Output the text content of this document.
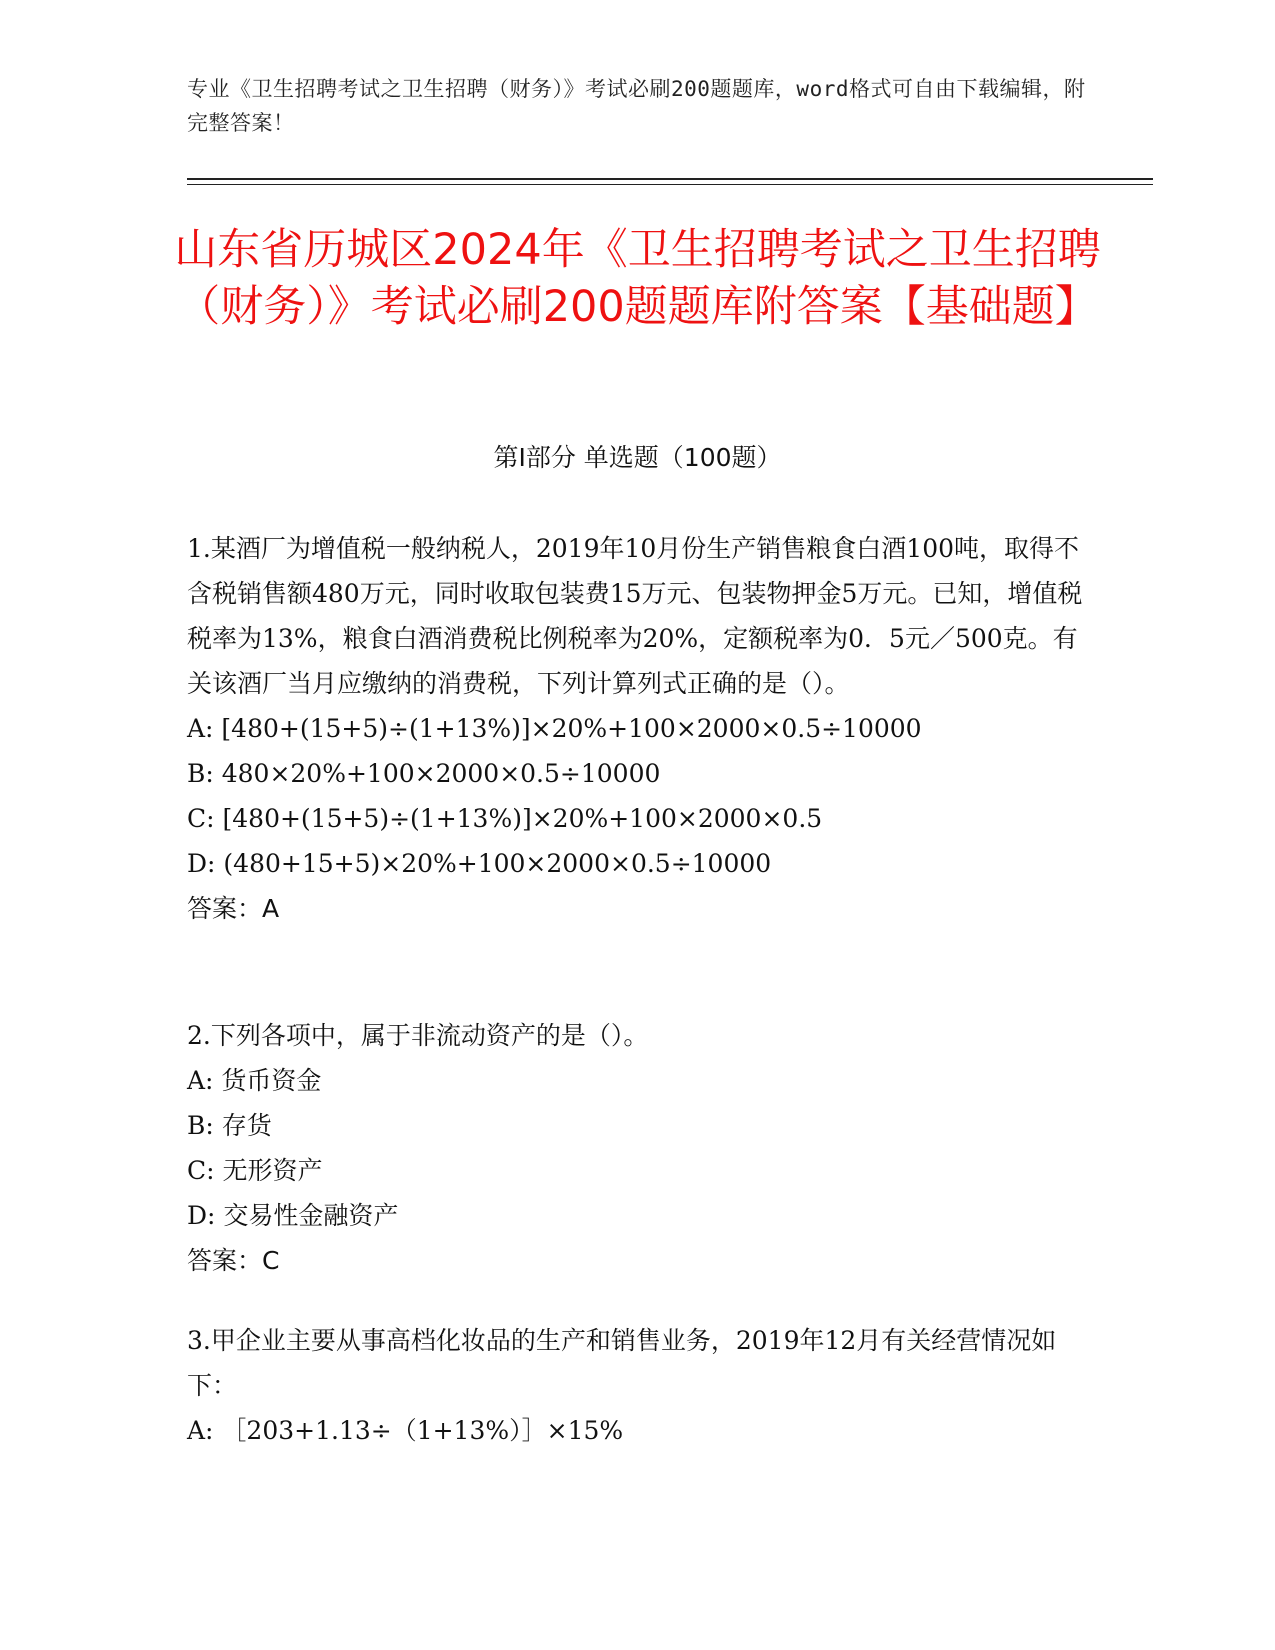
专业《卫生招聘考试之卫生招聘（财务）》考试必刷200题题库，word格式可自由下载编辑，附完整答案！
山东省历城区2024年《卫生招聘考试之卫生招聘（财务）》考试必刷200题题库附答案【基础题】
第I部分 单选题（100题）

1.某酒厂为增值税一般纳税人，2019年10月份生产销售粮食白酒100吨，取得不含税销售额480万元，同时收取包装费15万元、包装物押金5万元。已知，增值税税率为13%，粮食白酒消费税比例税率为20%，定额税率为0．5元／500克。有关该酒厂当月应缴纳的消费税，下列计算列式正确的是（）。

A: [480+(15+5)÷(1+13%)]×20%+100×2000×0.5÷10000
B: 480×20%+100×2000×0.5÷10000
C: [480+(15+5)÷(1+13%)]×20%+100×2000×0.5
D: (480+15+5)×20%+100×2000×0.5÷10000
答案：A

2.下列各项中，属于非流动资产的是（）。

A: 货币资金
B: 存货
C: 无形资产
D: 交易性金融资产
答案：C

3.甲企业主要从事高档化妆品的生产和销售业务，2019年12月有关经营情况如下：

A: ［203+1.13÷（1+13%）］×15%
